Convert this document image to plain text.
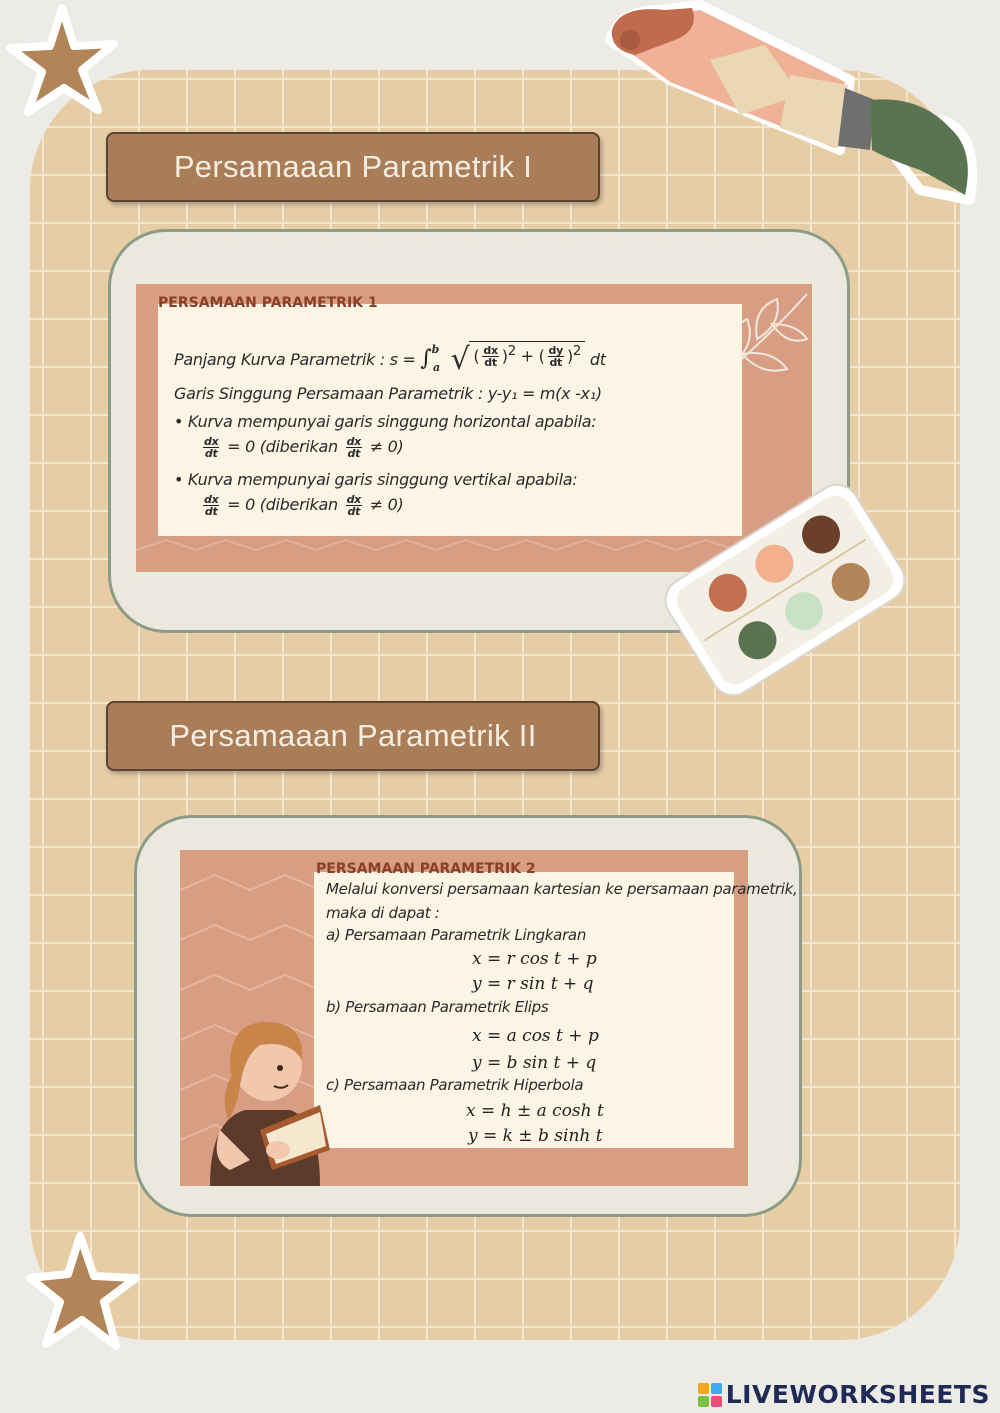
Persamaaan Parametrik I
PERSAMAAN PARAMETRIK 1
Panjang Kurva Parametrik : s = ∫$^b_a$ √( $\frac{dx}{dt} )^2$ + ( $\frac{dy}{dt} )^2$ dt
Garis Singgung Persamaan Parametrik : y-y₁ = m(x -x₁)
• Kurva mempunyai garis singgung horizontal apabila:
$\frac{dx}{dt} = 0$ (diberikan $\frac{dx}{dt} \ne 0$)
• Kurva mempunyai garis singgung vertikal apabila:
$\frac{dx}{dt} = 0$ (diberikan $\frac{dx}{dt} \ne 0$)
Persamaaan Parametrik II
PERSAMAAN PARAMETRIK 2
Melalui konversi persamaan kartesian ke persamaan parametrik,
maka di dapat :
a) Persamaan Parametrik Lingkaran
x = r cos t + p
y = r sin t + q
b) Persamaan Parametrik Elips
x = a cos t + p
y = b sin t + q
c) Persamaan Parametrik Hiperbola
x = h ± a cosh t
y = k ± b sinh t
LIVEWORKSHEETS
